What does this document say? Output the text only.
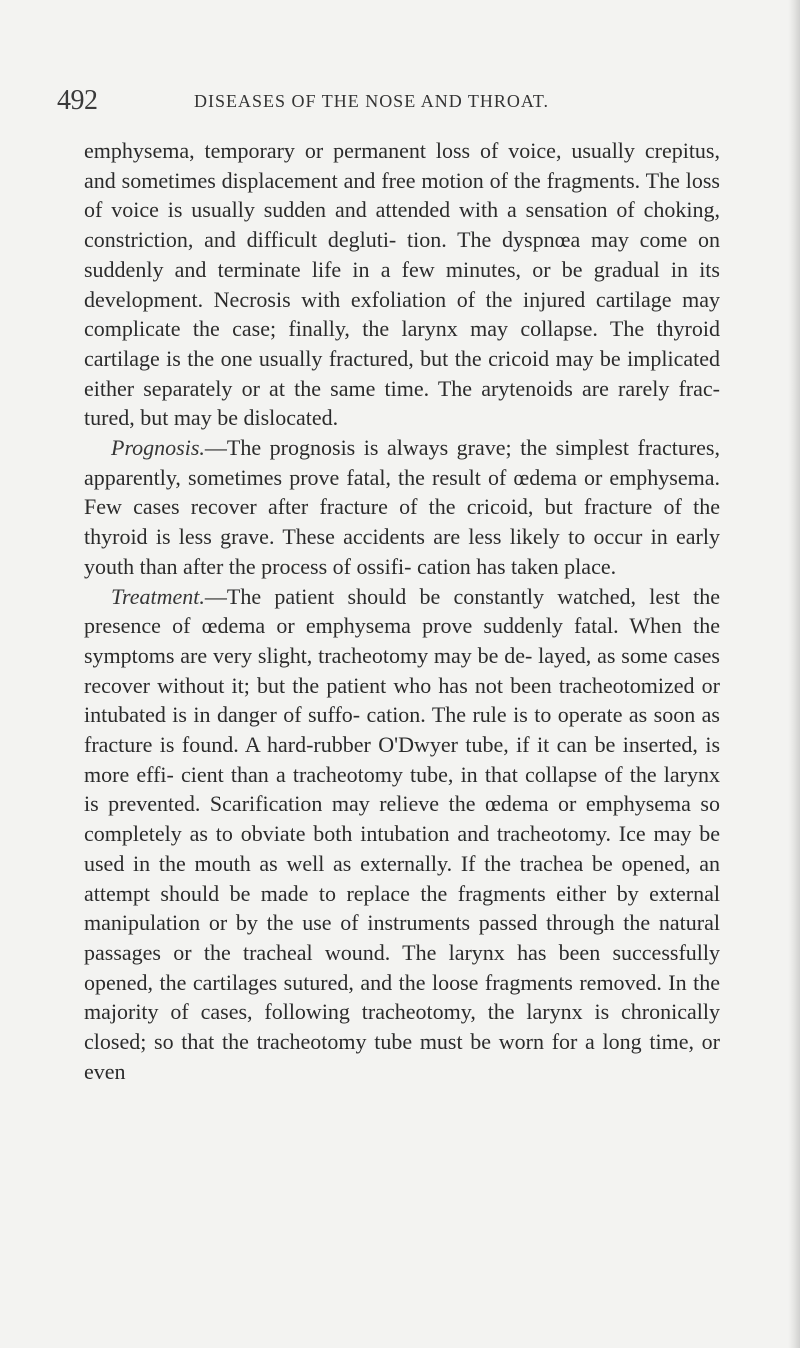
492	DISEASES OF THE NOSE AND THROAT.

emphysema, temporary or permanent loss of voice, usually crepitus, and sometimes displacement and free motion of the fragments. The loss of voice is usually sudden and attended with a sensation of choking, constriction, and difficult degluti- tion. The dyspnœa may come on suddenly and terminate life in a few minutes, or be gradual in its development. Necrosis with exfoliation of the injured cartilage may complicate the case; finally, the larynx may collapse. The thyroid cartilage is the one usually fractured, but the cricoid may be implicated either separately or at the same time. The arytenoids are rarely frac- tured, but may be dislocated.

Prognosis.—The prognosis is always grave; the simplest fractures, apparently, sometimes prove fatal, the result of œdema or emphysema. Few cases recover after fracture of the cricoid, but fracture of the thyroid is less grave. These accidents are less likely to occur in early youth than after the process of ossifi- cation has taken place.

Treatment.—The patient should be constantly watched, lest the presence of œdema or emphysema prove suddenly fatal. When the symptoms are very slight, tracheotomy may be de- layed, as some cases recover without it; but the patient who has not been tracheotomized or intubated is in danger of suffo- cation. The rule is to operate as soon as fracture is found. A hard-rubber O'Dwyer tube, if it can be inserted, is more effi- cient than a tracheotomy tube, in that collapse of the larynx is prevented. Scarification may relieve the œdema or emphysema so completely as to obviate both intubation and tracheotomy. Ice may be used in the mouth as well as externally. If the trachea be opened, an attempt should be made to replace the fragments either by external manipulation or by the use of instruments passed through the natural passages or the tracheal wound. The larynx has been successfully opened, the cartilages sutured, and the loose fragments removed. In the majority of cases, following tracheotomy, the larynx is chronically closed; so that the tracheotomy tube must be worn for a long time, or even
